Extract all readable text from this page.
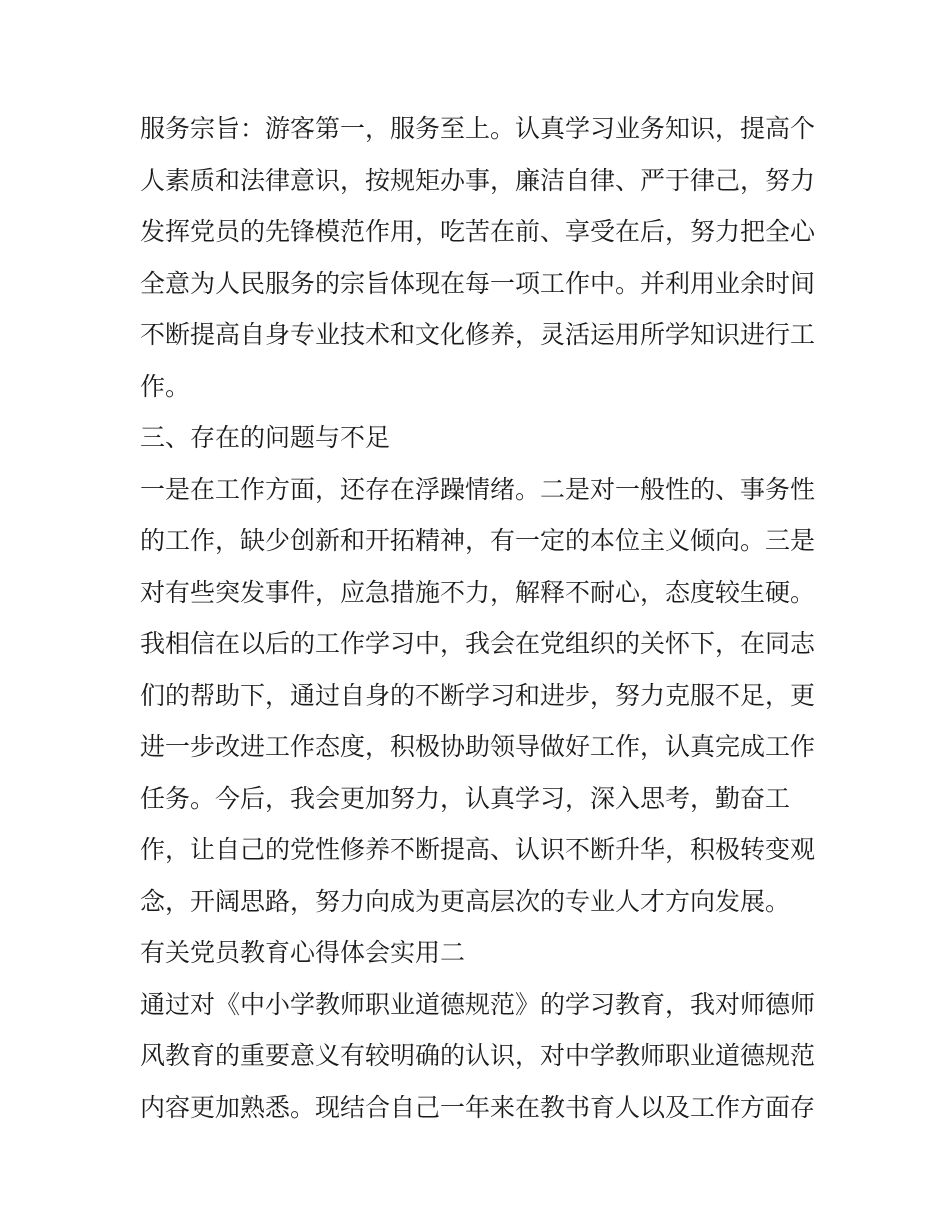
服务宗旨：游客第一，服务至上。认真学习业务知识，提高个
人素质和法律意识，按规矩办事，廉洁自律、严于律己，努力
发挥党员的先锋模范作用，吃苦在前、享受在后，努力把全心
全意为人民服务的宗旨体现在每一项工作中。并利用业余时间
不断提高自身专业技术和文化修养，灵活运用所学知识进行工
作。
三、存在的问题与不足
一是在工作方面，还存在浮躁情绪。二是对一般性的、事务性
的工作，缺少创新和开拓精神，有一定的本位主义倾向。三是
对有些突发事件，应急措施不力，解释不耐心，态度较生硬。
我相信在以后的工作学习中，我会在党组织的关怀下，在同志
们的帮助下，通过自身的不断学习和进步，努力克服不足，更
进一步改进工作态度，积极协助领导做好工作，认真完成工作
任务。今后，我会更加努力，认真学习，深入思考，勤奋工
作，让自己的党性修养不断提高、认识不断升华，积极转变观
念，开阔思路，努力向成为更高层次的专业人才方向发展。
有关党员教育心得体会实用二
通过对《中小学教师职业道德规范》的学习教育，我对师德师
风教育的重要意义有较明确的认识，对中学教师职业道德规范
内容更加熟悉。现结合自己一年来在教书育人以及工作方面存
